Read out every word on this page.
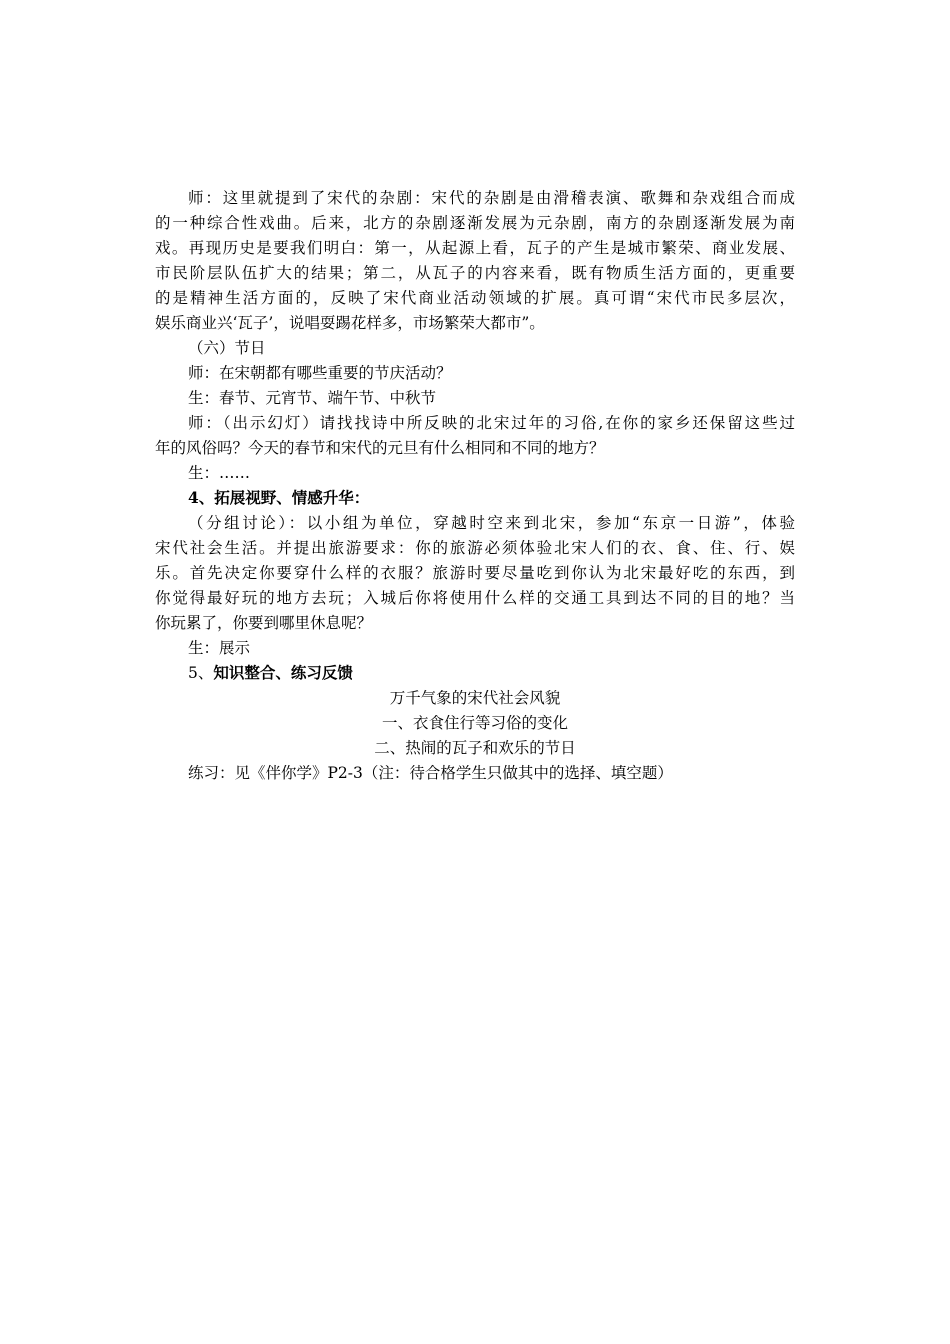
师：这里就提到了宋代的杂剧：宋代的杂剧是由滑稽表演、歌舞和杂戏组合而成
的一种综合性戏曲。后来，北方的杂剧逐渐发展为元杂剧，南方的杂剧逐渐发展为南
戏。再现历史是要我们明白：第一，从起源上看，瓦子的产生是城市繁荣、商业发展、
市民阶层队伍扩大的结果；第二，从瓦子的内容来看，既有物质生活方面的，更重要
的是精神生活方面的，反映了宋代商业活动领域的扩展。真可谓“宋代市民多层次，
娱乐商业兴‘瓦子’，说唱耍踢花样多，市场繁荣大都市”。
（六）节日
师：在宋朝都有哪些重要的节庆活动？
生：春节、元宵节、端午节、中秋节
师：（出示幻灯）请找找诗中所反映的北宋过年的习俗,在你的家乡还保留这些过
年的风俗吗？今天的春节和宋代的元旦有什么相同和不同的地方？
生：……
4、拓展视野、情感升华：
（分组讨论）：以小组为单位，穿越时空来到北宋，参加“东京一日游”，体验
宋代社会生活。并提出旅游要求：你的旅游必须体验北宋人们的衣、食、住、行、娱
乐。首先决定你要穿什么样的衣服？旅游时要尽量吃到你认为北宋最好吃的东西，到
你觉得最好玩的地方去玩；入城后你将使用什么样的交通工具到达不同的目的地？当
你玩累了，你要到哪里休息呢？
生：展示
5、知识整合、练习反馈
万千气象的宋代社会风貌
一、衣食住行等习俗的变化
二、热闹的瓦子和欢乐的节日
练习：见《伴你学》P2-3（注：待合格学生只做其中的选择、填空题）
